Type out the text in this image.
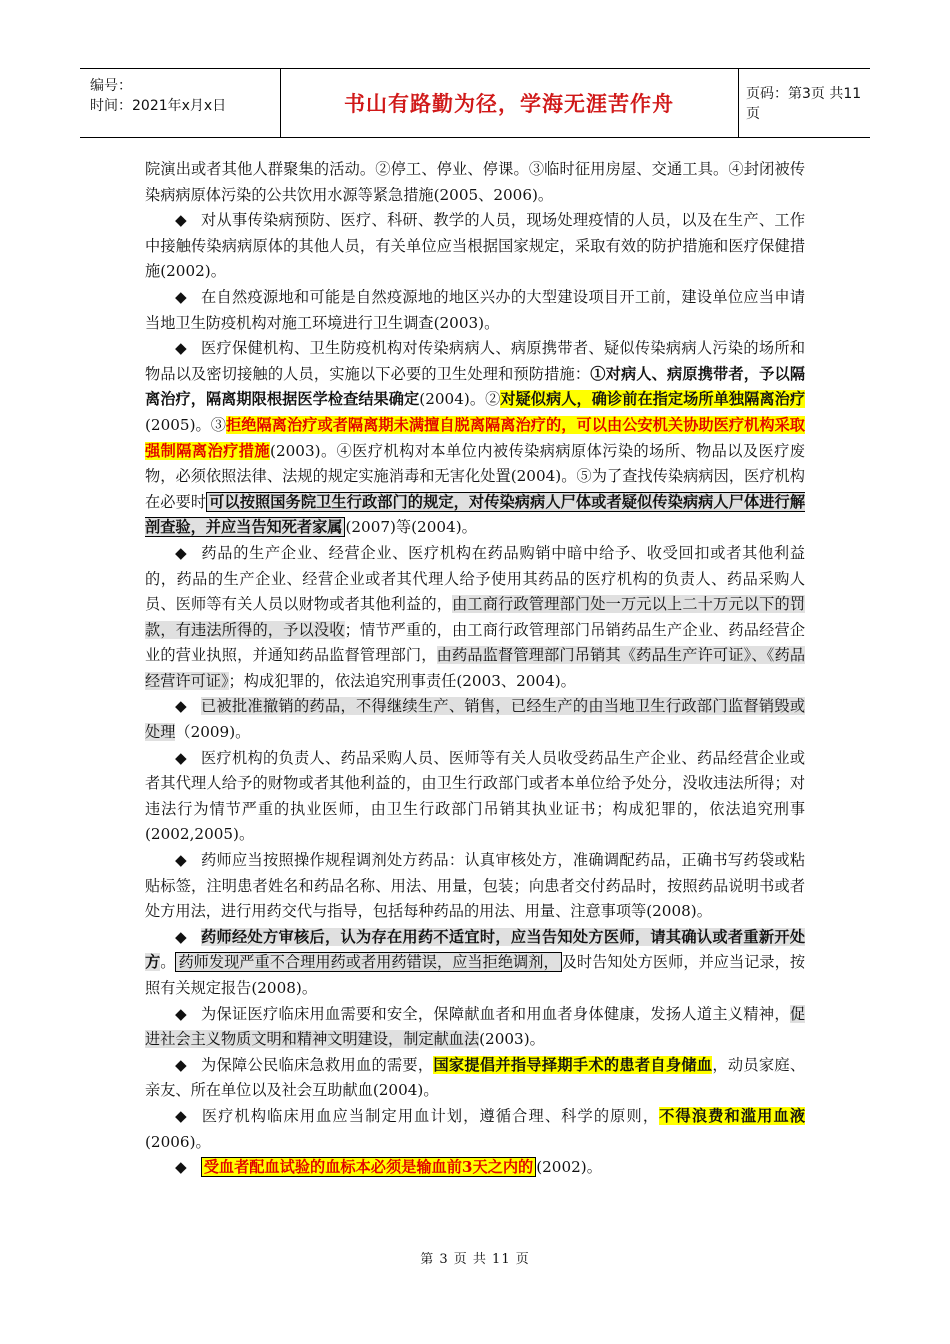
编号：
时间：2021年x月x日	书山有路勤为径，学海无涯苦作舟	页码：第3页 共11页

院演出或者其他人群聚集的活动。②停工、停业、停课。③临时征用房屋、交通工具。④封闭被传染病病原体污染的公共饮用水源等紧急措施(2005、2006)。

◆ 对从事传染病预防、医疗、科研、教学的人员，现场处理疫情的人员，以及在生产、工作中接触传染病病原体的其他人员，有关单位应当根据国家规定，采取有效的防护措施和医疗保健措施(2002)。

◆ 在自然疫源地和可能是自然疫源地的地区兴办的大型建设项目开工前，建设单位应当申请当地卫生防疫机构对施工环境进行卫生调查(2003)。

◆ 医疗保健机构、卫生防疫机构对传染病病人、病原携带者、疑似传染病病人污染的场所和物品以及密切接触的人员，实施以下必要的卫生处理和预防措施：①对病人、病原携带者，予以隔离治疗，隔离期限根据医学检查结果确定(2004)。②对疑似病人，确诊前在指定场所单独隔离治疗(2005)。③拒绝隔离治疗或者隔离期未满擅自脱离隔离治疗的，可以由公安机关协助医疗机构采取强制隔离治疗措施(2003)。④医疗机构对本单位内被传染病病原体污染的场所、物品以及医疗废物，必须依照法律、法规的规定实施消毒和无害化处置(2004)。⑤为了查找传染病病因，医疗机构在必要时 可以按照国务院卫生行政部门的规定，对传染病病人尸体或者疑似传染病病人尸体进行解剖查验，并应当告知死者家属 (2007)等(2004)。

◆ 药品的生产企业、经营企业、医疗机构在药品购销中暗中给予、收受回扣或者其他利益的，药品的生产企业、经营企业或者其代理人给予使用其药品的医疗机构的负责人、药品采购人员、医师等有关人员以财物或者其他利益的，由工商行政管理部门处一万元以上二十万元以下的罚款，有违法所得的，予以没收；情节严重的，由工商行政管理部门吊销药品生产企业、药品经营企业的营业执照，并通知药品监督管理部门，由药品监督管理部门吊销其《药品生产许可证》、《药品经营许可证》；构成犯罪的，依法追究刑事责任(2003、2004)。

◆ 已被批准撤销的药品，不得继续生产、销售，已经生产的由当地卫生行政部门监督销毁或处理（2009)。

◆ 医疗机构的负责人、药品采购人员、医师等有关人员收受药品生产企业、药品经营企业或者其代理人给予的财物或者其他利益的，由卫生行政部门或者本单位给予处分，没收违法所得；对违法行为情节严重的执业医师，由卫生行政部门吊销其执业证书；构成犯罪的，依法追究刑事(2002,2005)。

◆ 药师应当按照操作规程调剂处方药品：认真审核处方，准确调配药品，正确书写药袋或粘贴标签，注明患者姓名和药品名称、用法、用量，包装；向患者交付药品时，按照药品说明书或者处方用法，进行用药交代与指导，包括每种药品的用法、用量、注意事项等(2008)。

◆ 药师经处方审核后，认为存在用药不适宜时，应当告知处方医师，请其确认或者重新开处方。 药师发现严重不合理用药或者用药错误，应当拒绝调剂， 及时告知处方医师，并应当记录，按照有关规定报告(2008)。

◆ 为保证医疗临床用血需要和安全，保障献血者和用血者身体健康，发扬人道主义精神，促进社会主义物质文明和精神文明建设，制定献血法(2003)。

◆ 为保障公民临床急救用血的需要，国家提倡并指导择期手术的患者自身储血，动员家庭、亲友、所在单位以及社会互助献血(2004)。

◆ 医疗机构临床用血应当制定用血计划，遵循合理、科学的原则，不得浪费和滥用血液(2006)。

◆ 受血者配血试验的血标本必须是输血前3天之内的 (2002)。

第 3 页 共 11 页
